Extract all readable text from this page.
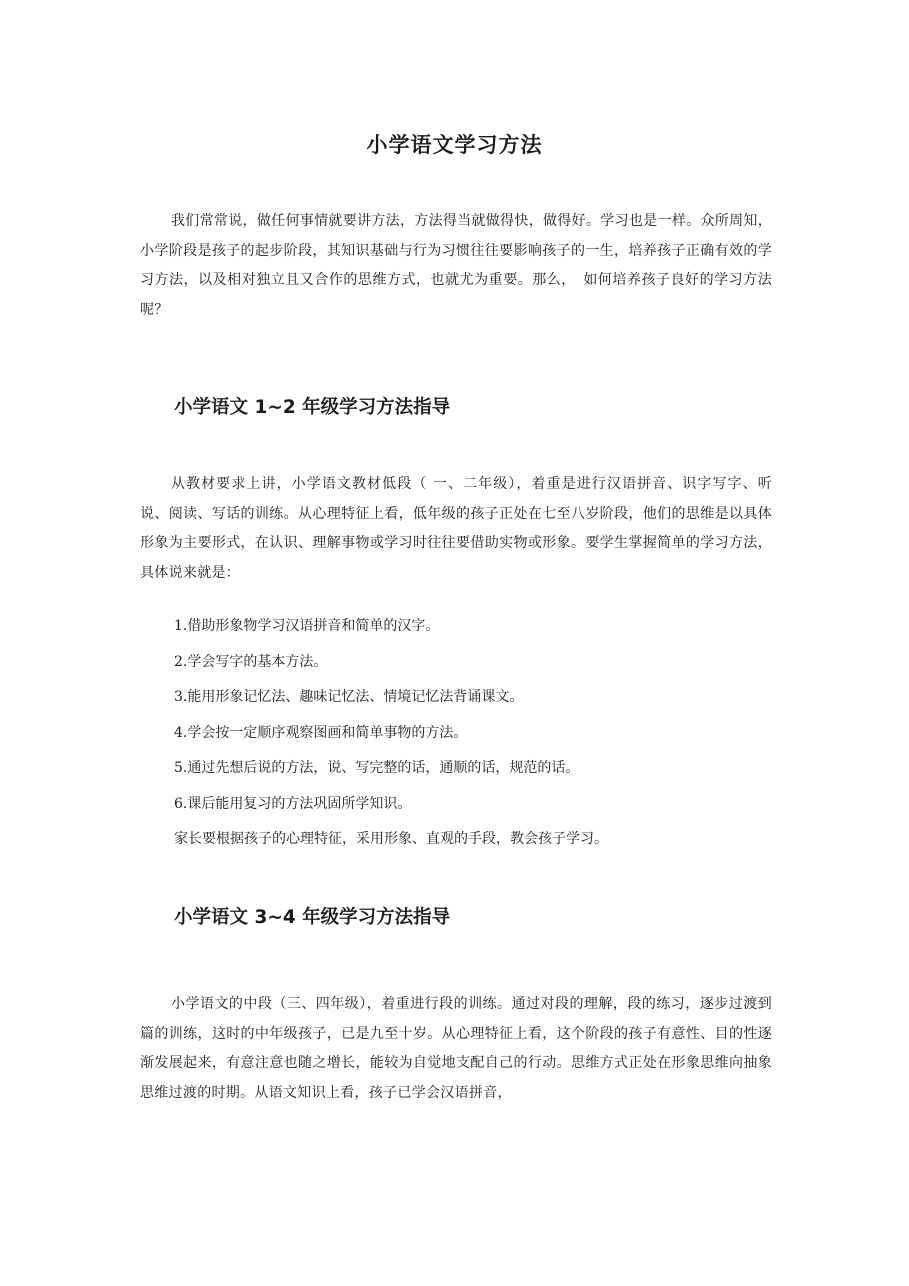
小学语文学习方法

我们常常说，做任何事情就要讲方法，方法得当就做得快，做得好。学习也是一样。众所周知，小学阶段是孩子的起步阶段，其知识基础与行为习惯往往要影响孩子的一生，培养孩子正确有效的学习方法，以及相对独立且又合作的思维方式，也就尤为重要。那么，　如何培养孩子良好的学习方法呢？

小学语文 1~2 年级学习方法指导

从教材要求上讲，小学语文教材低段（ 一、二年级），着重是进行汉语拼音、识字写字、听　说、阅读、写话的训练。从心理特征上看，低年级的孩子正处在七至八岁阶段，他们的思维是以具体形象为主要形式，在认识、理解事物或学习时往往要借助实物或形象。要学生掌握简单的学习方法，具体说来就是：

1.借助形象物学习汉语拼音和简单的汉字。
2.学会写字的基本方法。
3.能用形象记忆法、趣味记忆法、情境记忆法背诵课文。
4.学会按一定顺序观察图画和简单事物的方法。
5.通过先想后说的方法，说、写完整的话，通顺的话，规范的话。
6.课后能用复习的方法巩固所学知识。

家长要根据孩子的心理特征，采用形象、直观的手段，教会孩子学习。

小学语文 3~4 年级学习方法指导

小学语文的中段（三、四年级），着重进行段的训练。通过对段的理解，段的练习，逐步过渡到篇的训练，这时的中年级孩子，已是九至十岁。从心理特征上看，这个阶段的孩子有意性、目的性逐渐发展起来，有意注意也随之增长，能较为自觉地支配自己的行动。思维方式正处在形象思维向抽象思维过渡的时期。从语文知识上看，孩子已学会汉语拼音，
